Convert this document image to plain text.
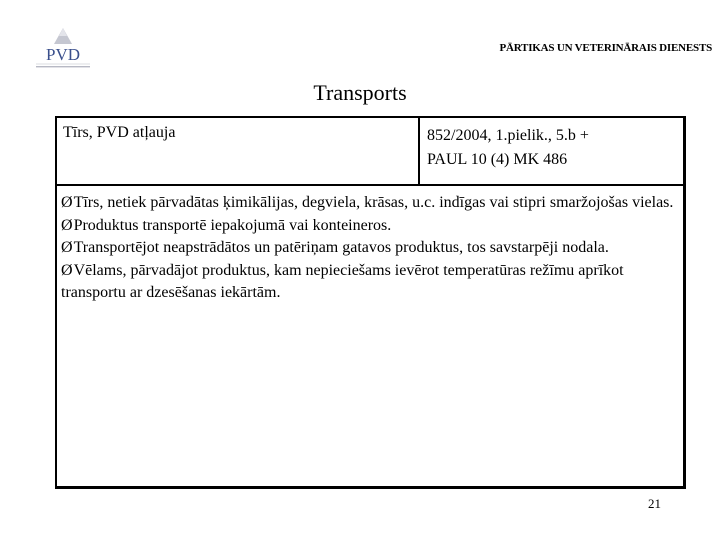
PVD	PĀRTIKAS UN VETERINĀRAIS DIENESTS
Transports
Tīrs, PVD atļauja	852/2004, 1.pielik., 5.b +
PAUL 10 (4) MK 486

ØTīrs, netiek pārvadātas ķimikālijas, degviela, krāsas, u.c. indīgas vai stipri smaržojošas vielas.

ØProduktus transportē iepakojumā vai konteineros.

ØTransportējot neapstrādātos un patēriņam gatavos produktus, tos savstarpēji nodala.

ØVēlams, pārvadājot produktus, kam nepieciešams ievērot temperatūras režīmu aprīkot transportu ar dzesēšanas iekārtām.

21
